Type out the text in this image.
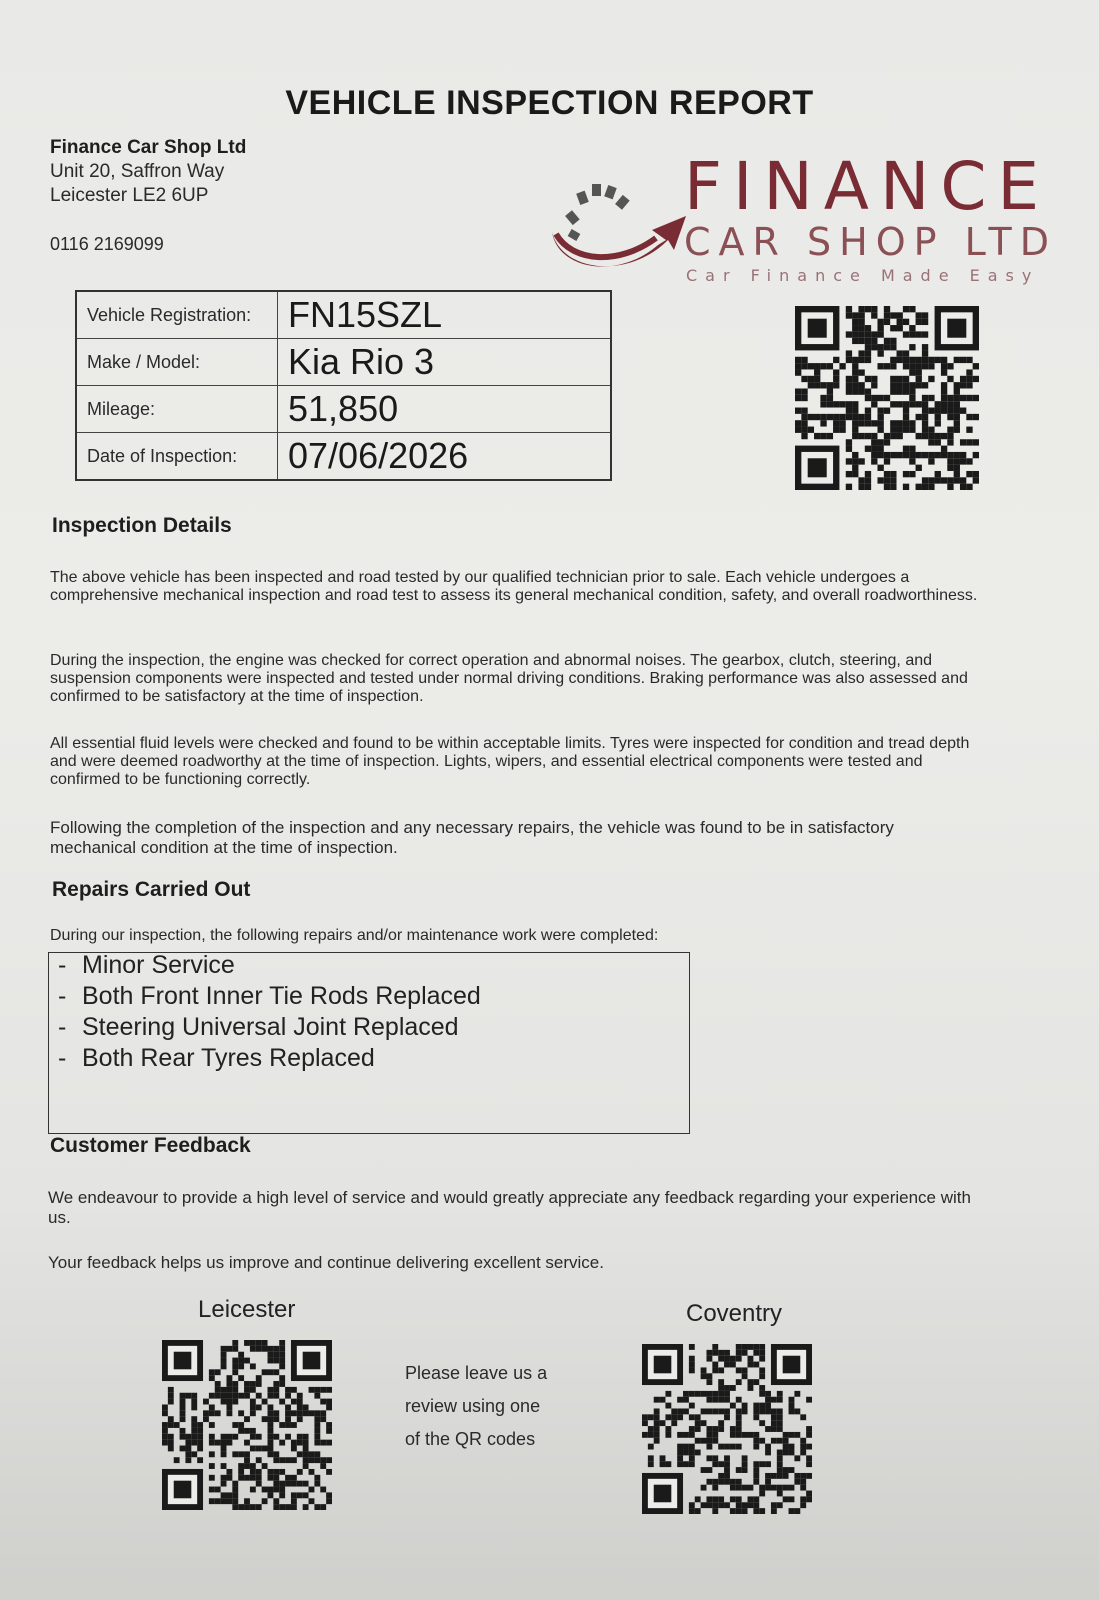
VEHICLE INSPECTION REPORT
Finance Car Shop Ltd
Unit 20, Saffron Way
Leicester LE2 6UP
0116 2169099
FINANCE
CAR SHOP LTD
Car Finance Made Easy
Vehicle Registration:	FN15SZL
Make / Model:	Kia Rio 3
Mileage:	51,850
Date of Inspection:	07/06/2026
Inspection Details
The above vehicle has been inspected and road tested by our qualified technician prior to sale. Each vehicle undergoes a comprehensive mechanical inspection and road test to assess its general mechanical condition, safety, and overall roadworthiness.
During the inspection, the engine was checked for correct operation and abnormal noises. The gearbox, clutch, steering, and suspension components were inspected and tested under normal driving conditions. Braking performance was also assessed and confirmed to be satisfactory at the time of inspection.
All essential fluid levels were checked and found to be within acceptable limits. Tyres were inspected for condition and tread depth and were deemed roadworthy at the time of inspection. Lights, wipers, and essential electrical components were tested and confirmed to be functioning correctly.
Following the completion of the inspection and any necessary repairs, the vehicle was found to be in satisfactory mechanical condition at the time of inspection.
Repairs Carried Out
During our inspection, the following repairs and/or maintenance work were completed:
- Minor Service
- Both Front Inner Tie Rods Replaced
- Steering Universal Joint Replaced
- Both Rear Tyres Replaced
Customer Feedback
We endeavour to provide a high level of service and would greatly appreciate any feedback regarding your experience with us.
Your feedback helps us improve and continue delivering excellent service.
Leicester	Coventry
Please leave us a
review using one
of the QR codes
